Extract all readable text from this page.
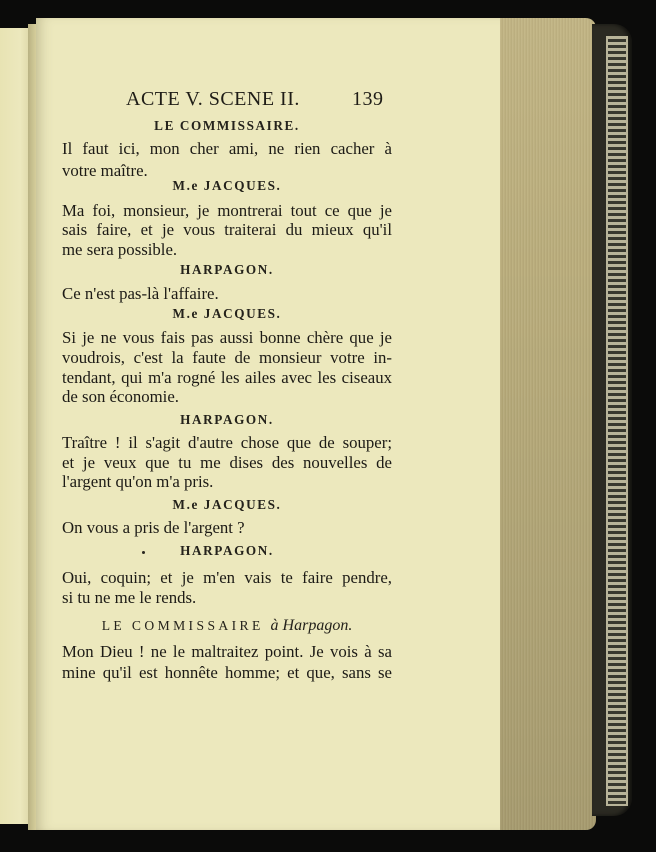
ACTE V. SCENE II.	139
LE COMMISSAIRE.
Il faut ici, mon cher ami, ne rien cacher à
votre maître.
M.e JACQUES.
Ma foi, monsieur, je montrerai tout ce que je
sais faire, et je vous traiterai du mieux qu'il
me sera possible.
HARPAGON.
Ce n'est pas-là l'affaire.
M.e JACQUES.
Si je ne vous fais pas aussi bonne chère que je
voudrois, c'est la faute de monsieur votre in-
tendant, qui m'a rogné les ailes avec les ciseaux
de son économie.
HARPAGON.
Traître ! il s'agit d'autre chose que de souper;
et je veux que tu me dises des nouvelles de
l'argent qu'on m'a pris.
M.e JACQUES.
On vous a pris de l'argent ?
HARPAGON.
Oui, coquin; et je m'en vais te faire pendre,
si tu ne me le rends.
LE COMMISSAIRE à Harpagon.
Mon Dieu ! ne le maltraitez point. Je vois à sa
mine qu'il est honnête homme; et que, sans se
